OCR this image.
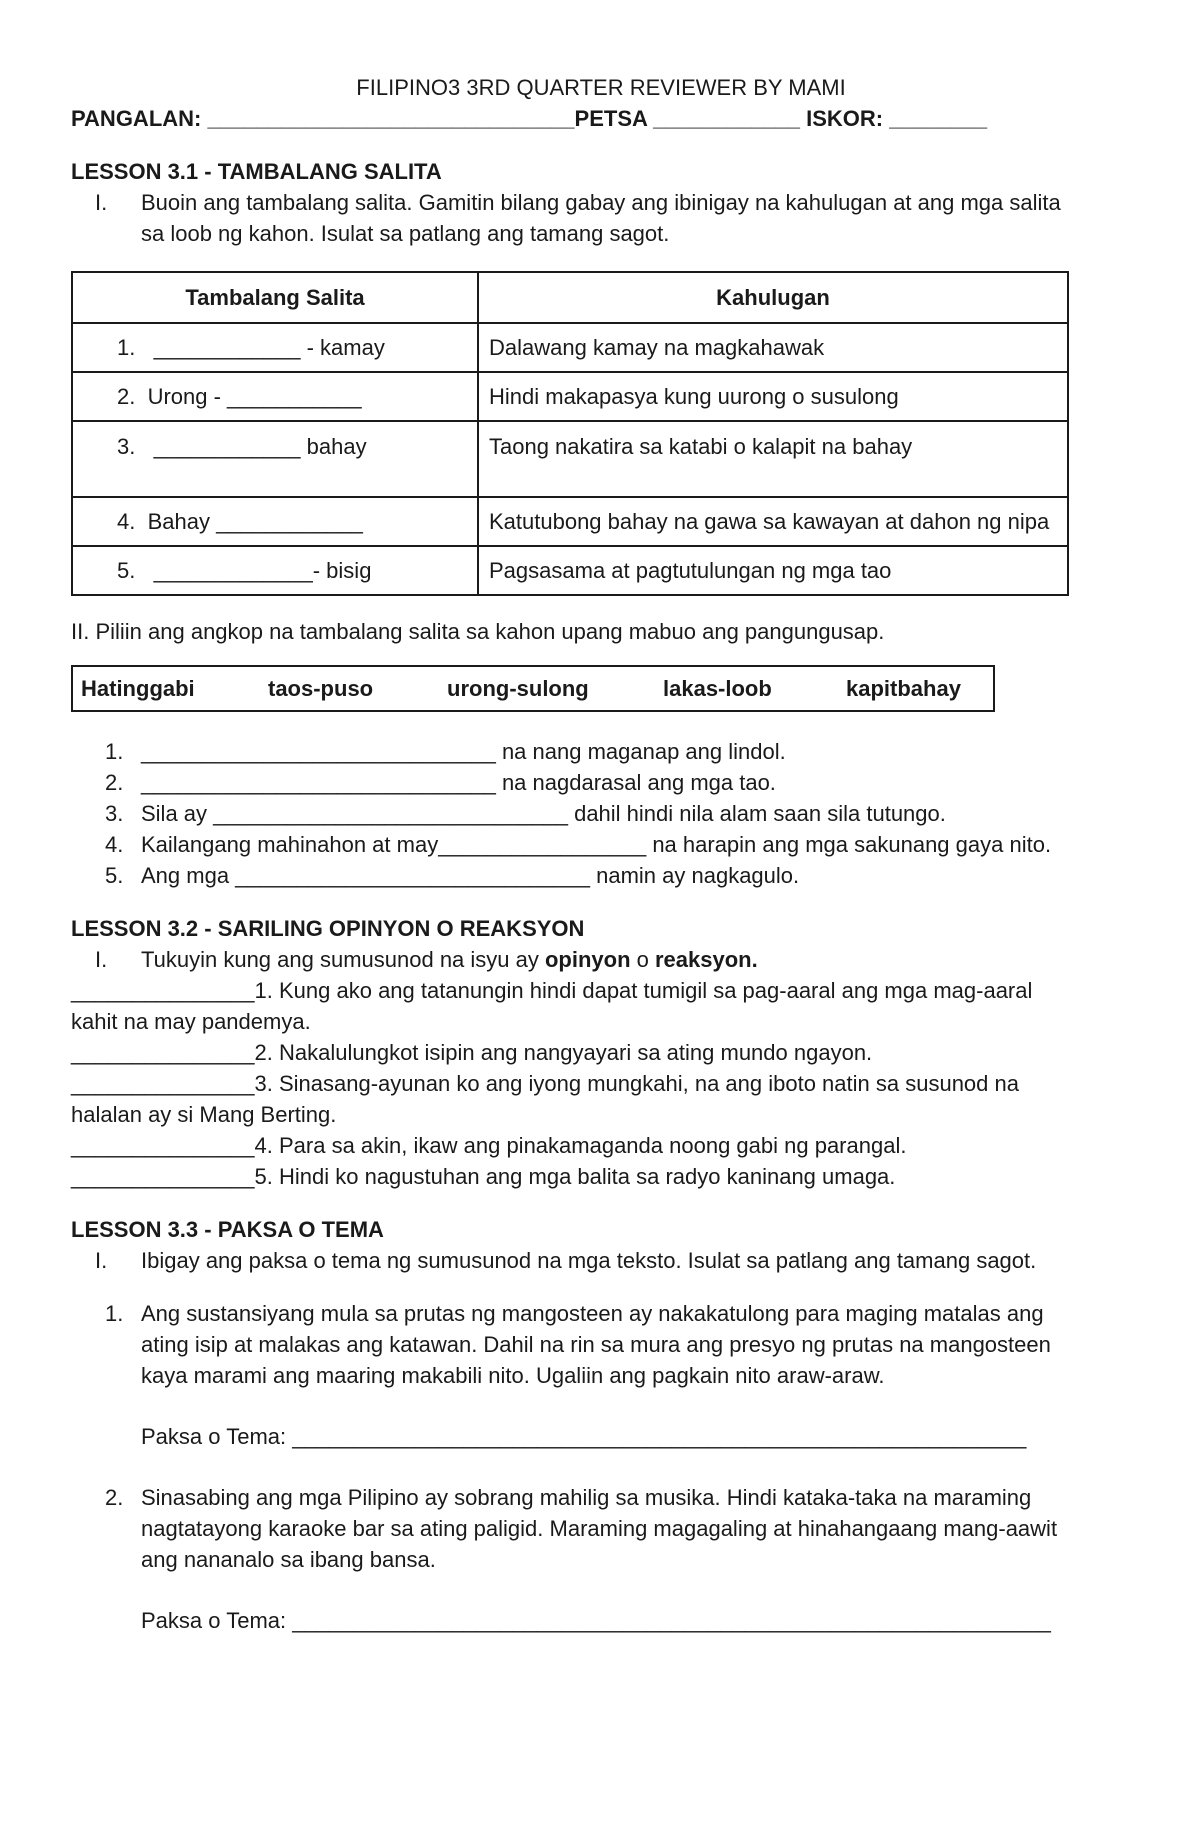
FILIPINO3 3RD QUARTER REVIEWER BY MAMI
PANGALAN: ______________________________PETSA ____________ ISKOR: ________
LESSON 3.1 - TAMBALANG SALITA
I. Buoin ang tambalang salita. Gamitin bilang gabay ang ibinigay na kahulugan at ang mga salita
sa loob ng kahon. Isulat sa patlang ang tamang sagot.
Tambalang Salita	Kahulugan
1.   ____________ - kamay	Dalawang kamay na magkahawak
2.  Urong - ___________	Hindi makapasya kung uurong o susulong
3.   ____________ bahay	Taong nakatira sa katabi o kalapit na bahay
4.  Bahay ____________	Katutubong bahay na gawa sa kawayan at dahon ng nipa
5.   _____________- bisig	Pagsasama at pagtutulungan ng mga tao
II. Piliin ang angkop na tambalang salita sa kahon upang mabuo ang pangungusap.
Hatinggabi	taos-puso	urong-sulong	lakas-loob	kapitbahay
1. _____________________________ na nang maganap ang lindol.
2. _____________________________ na nagdarasal ang mga tao.
3. Sila ay _____________________________ dahil hindi nila alam saan sila tutungo.
4. Kailangang mahinahon at may_________________ na harapin ang mga sakunang gaya nito.
5. Ang mga _____________________________ namin ay nagkagulo.
LESSON 3.2 - SARILING OPINYON O REAKSYON
I. Tukuyin kung ang sumusunod na isyu ay opinyon o reaksyon.
_______________1. Kung ako ang tatanungin hindi dapat tumigil sa pag-aaral ang mga mag-aaral
kahit na may pandemya.
_______________2. Nakalulungkot isipin ang nangyayari sa ating mundo ngayon.
_______________3. Sinasang-ayunan ko ang iyong mungkahi, na ang iboto natin sa susunod na
halalan ay si Mang Berting.
_______________4. Para sa akin, ikaw ang pinakamaganda noong gabi ng parangal.
_______________5. Hindi ko nagustuhan ang mga balita sa radyo kaninang umaga.
LESSON 3.3 - PAKSA O TEMA
I. Ibigay ang paksa o tema ng sumusunod na mga teksto. Isulat sa patlang ang tamang sagot.
1. Ang sustansiyang mula sa prutas ng mangosteen ay nakakatulong para maging matalas ang
ating isip at malakas ang katawan. Dahil na rin sa mura ang presyo ng prutas na mangosteen
kaya marami ang maaring makabili nito. Ugaliin ang pagkain nito araw-araw.
Paksa o Tema: ____________________________________________________________
2. Sinasabing ang mga Pilipino ay sobrang mahilig sa musika. Hindi kataka-taka na maraming
nagtatayong karaoke bar sa ating paligid. Maraming magagaling at hinahangaang mang-aawit
ang nananalo sa ibang bansa.
Paksa o Tema: ______________________________________________________________
